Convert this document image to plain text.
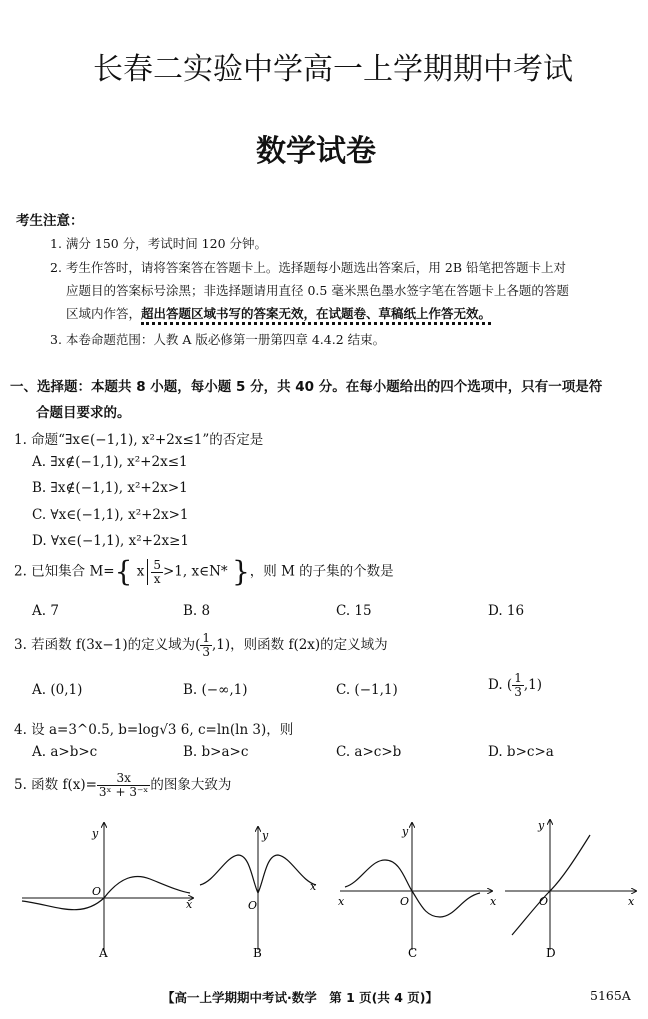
长春二实验中学高一上学期期中考试
数学试卷
考生注意：
1. 满分 150 分，考试时间 120 分钟。
2. 考生作答时，请将答案答在答题卡上。选择题每小题选出答案后，用 2B 铅笔把答题卡上对
应题目的答案标号涂黑；非选择题请用直径 0.5 毫米黑色墨水签字笔在答题卡上各题的答题
区域内作答，超出答题区域书写的答案无效，在试题卷、草稿纸上作答无效。
3. 本卷命题范围：人教 A 版必修第一册第四章 4.4.2 结束。
一、选择题：本题共 8 小题，每小题 5 分，共 40 分。在每小题给出的四个选项中，只有一项是符
合题目要求的。
1. 命题“∃x∈(−1,1), x²+2x≤1”的否定是
A. ∃x∉(−1,1), x²+2x≤1
B. ∃x∉(−1,1), x²+2x>1
C. ∀x∈(−1,1), x²+2x>1
D. ∀x∈(−1,1), x²+2x≥1
2. 已知集合 M={ x $\frac{5}{x} >1$, x∈N* }，则 M 的子集的个数是
A. 7	B. 8	C. 15	D. 16
3. 若函数 f(3x−1)的定义域为( $\frac{1}{3} ,1$)，则函数 f(2x)的定义域为
A. (0,1)	B. (−∞,1)	C. (−1,1)	D. ( $\frac{1}{3} ,1$)
4. 设 a=3^0.5, b=log√3 6, c=ln(ln 3)，则
A. a>b>c	B. b>a>c	C. a>c>b	D. b>c>a
5. 函数 $f(x)= \frac{3x}{\text{3ˣ + 3⁻ˣ}}$ 的图象大致为
y
x
O
A
y
x
O
B
y
x
x	O
C
y
x
O
D
【高一上学期期中考试·数学　第 1 页(共 4 页)】	5165A
